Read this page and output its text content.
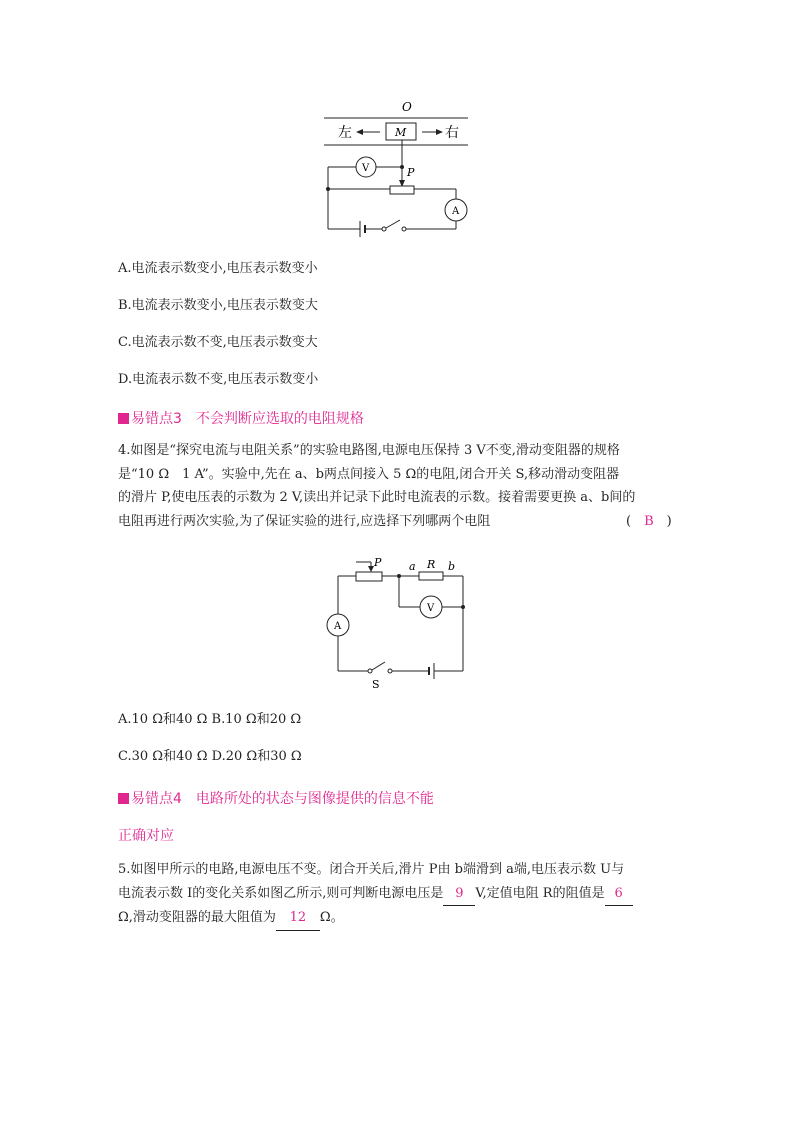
O
左	M	右
V	P
A
A.电流表示数变小,电压表示数变小
B.电流表示数变小,电压表示数变大
C.电流表示数不变,电压表示数变大
D.电流表示数不变,电压表示数变小
易错点3　不会判断应选取的电阻规格
4.如图是“探究电流与电阻关系”的实验电路图,电源电压保持 3 V不变,滑动变阻器的规格
是“10 Ω　1 A”。实验中,先在 a、b两点间接入 5 Ω的电阻,闭合开关 S,移动滑动变阻器
的滑片 P,使电压表的示数为 2 V,读出并记录下此时电流表的示数。接着需要更换 a、b间的
电阻再进行两次实验,为了保证实验的进行,应选择下列哪两个电阻	(　 B　 )
P	a R b
V
A
S
A.10 Ω和40 Ω B.10 Ω和20 Ω
C.30 Ω和40 Ω D.20 Ω和30 Ω
易错点4　电路所处的状态与图像提供的信息不能
正确对应
5.如图甲所示的电路,电源电压不变。闭合开关后,滑片 P由 b端滑到 a端,电压表示数 U与
电流表示数 I的变化关系如图乙所示,则可判断电源电压是 9 V,定值电阻 R的阻值是 6
Ω,滑动变阻器的最大阻值为 12 Ω。
